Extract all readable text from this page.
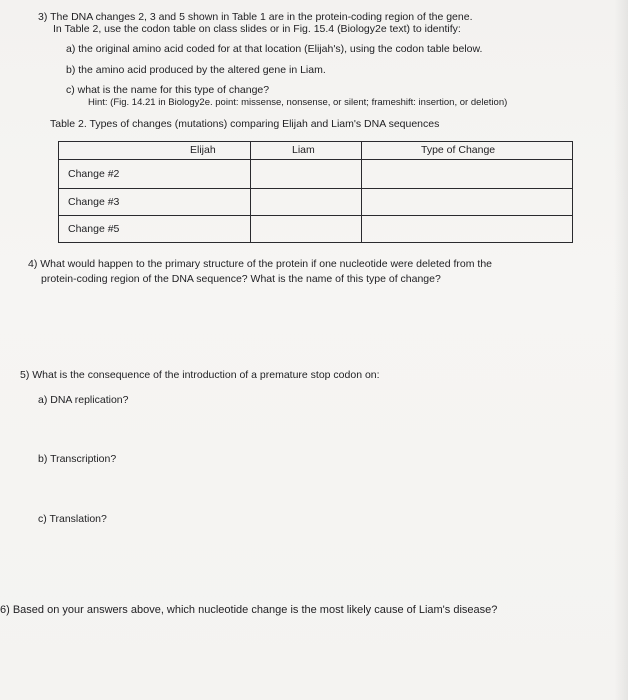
3) The DNA changes 2, 3 and 5 shown in Table 1 are in the protein-coding region of the gene.
In Table 2, use the codon table on class slides or in Fig. 15.4 (Biology2e text) to identify:
a) the original amino acid coded for at that location (Elijah's), using the codon table below.
b) the amino acid produced by the altered gene in Liam.
c) what is the name for this type of change?
Hint: (Fig. 14.21 in Biology2e. point: missense, nonsense, or silent; frameshift: insertion, or deletion)
Table 2. Types of changes (mutations) comparing Elijah and Liam's DNA sequences
Elijah	Liam	Type of Change
Change #2
Change #3
Change #5
4) What would happen to the primary structure of the protein if one nucleotide were deleted from the
protein-coding region of the DNA sequence? What is the name of this type of change?
5) What is the consequence of the introduction of a premature stop codon on:
a) DNA replication?
b) Transcription?
c) Translation?
6) Based on your answers above, which nucleotide change is the most likely cause of Liam's disease?
